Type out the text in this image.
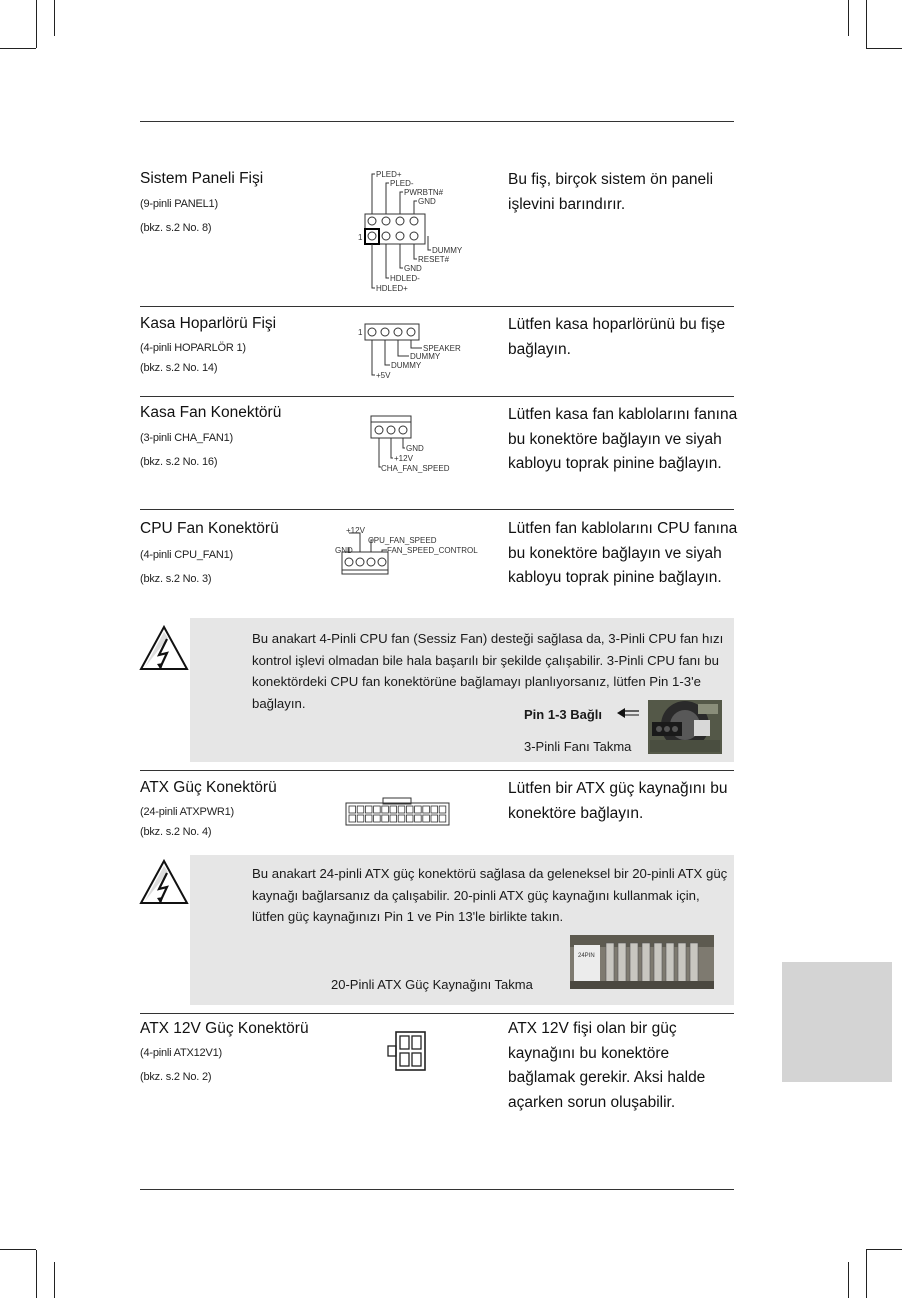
Sistem Paneli Fişi
(9-pinli PANEL1)
(bkz. s.2 No. 8)
Bu fiş, birçok sistem ön paneli işlevini barındırır.
PLED+
PLED-
PWRBTN#
GND
DUMMY
RESET#
GND
HDLED-
HDLED+
1
Kasa Hoparlörü Fişi
(4-pinli HOPARLÖR 1)
(bkz. s.2 No. 14)
Lütfen kasa hoparlörünü bu fişe bağlayın.
SPEAKER
DUMMY
DUMMY
+5V
1
Kasa Fan Konektörü
(3-pinli CHA_FAN1)
(bkz. s.2 No. 16)
Lütfen kasa fan kablolarını fanına bu konektöre bağlayın ve siyah kabloyu toprak pinine bağlayın.
GND
+12V
CHA_FAN_SPEED
CPU Fan Konektörü
(4-pinli CPU_FAN1)
(bkz. s.2 No. 3)
Lütfen fan kablolarını CPU fanına bu konektöre bağlayın ve siyah kabloyu toprak pinine bağlayın.
+12V
CPU_FAN_SPEED
GND	FAN_SPEED_CONTROL
Bu anakart 4-Pinli CPU fan (Sessiz Fan) desteği sağlasa da, 3-Pinli CPU fan hızı kontrol işlevi olmadan bile hala başarılı bir şekilde çalışabilir. 3-Pinli CPU fanı bu konektördeki CPU fan konektörüne bağlamayı planlıyorsanız, lütfen Pin 1-3'e bağlayın.
Pin 1-3 Bağlı
3-Pinli Fanı Takma
ATX Güç Konektörü
(24-pinli ATXPWR1)
(bkz. s.2 No. 4)
Lütfen bir ATX güç kaynağını bu konektöre bağlayın.
Bu anakart 24-pinli ATX güç konektörü sağlasa da geleneksel bir 20-pinli ATX güç kaynağı bağlarsanız da çalışabilir. 20-pinli ATX güç kaynağını kullanmak için, lütfen güç kaynağınızı Pin 1 ve Pin 13'le birlikte takın.
24PIN
20-Pinli ATX Güç Kaynağını Takma
ATX 12V Güç Konektörü
(4-pinli ATX12V1)
(bkz. s.2 No. 2)
ATX 12V fişi olan bir güç kaynağını bu konektöre bağlamak gerekir. Aksi halde açarken sorun oluşabilir.
